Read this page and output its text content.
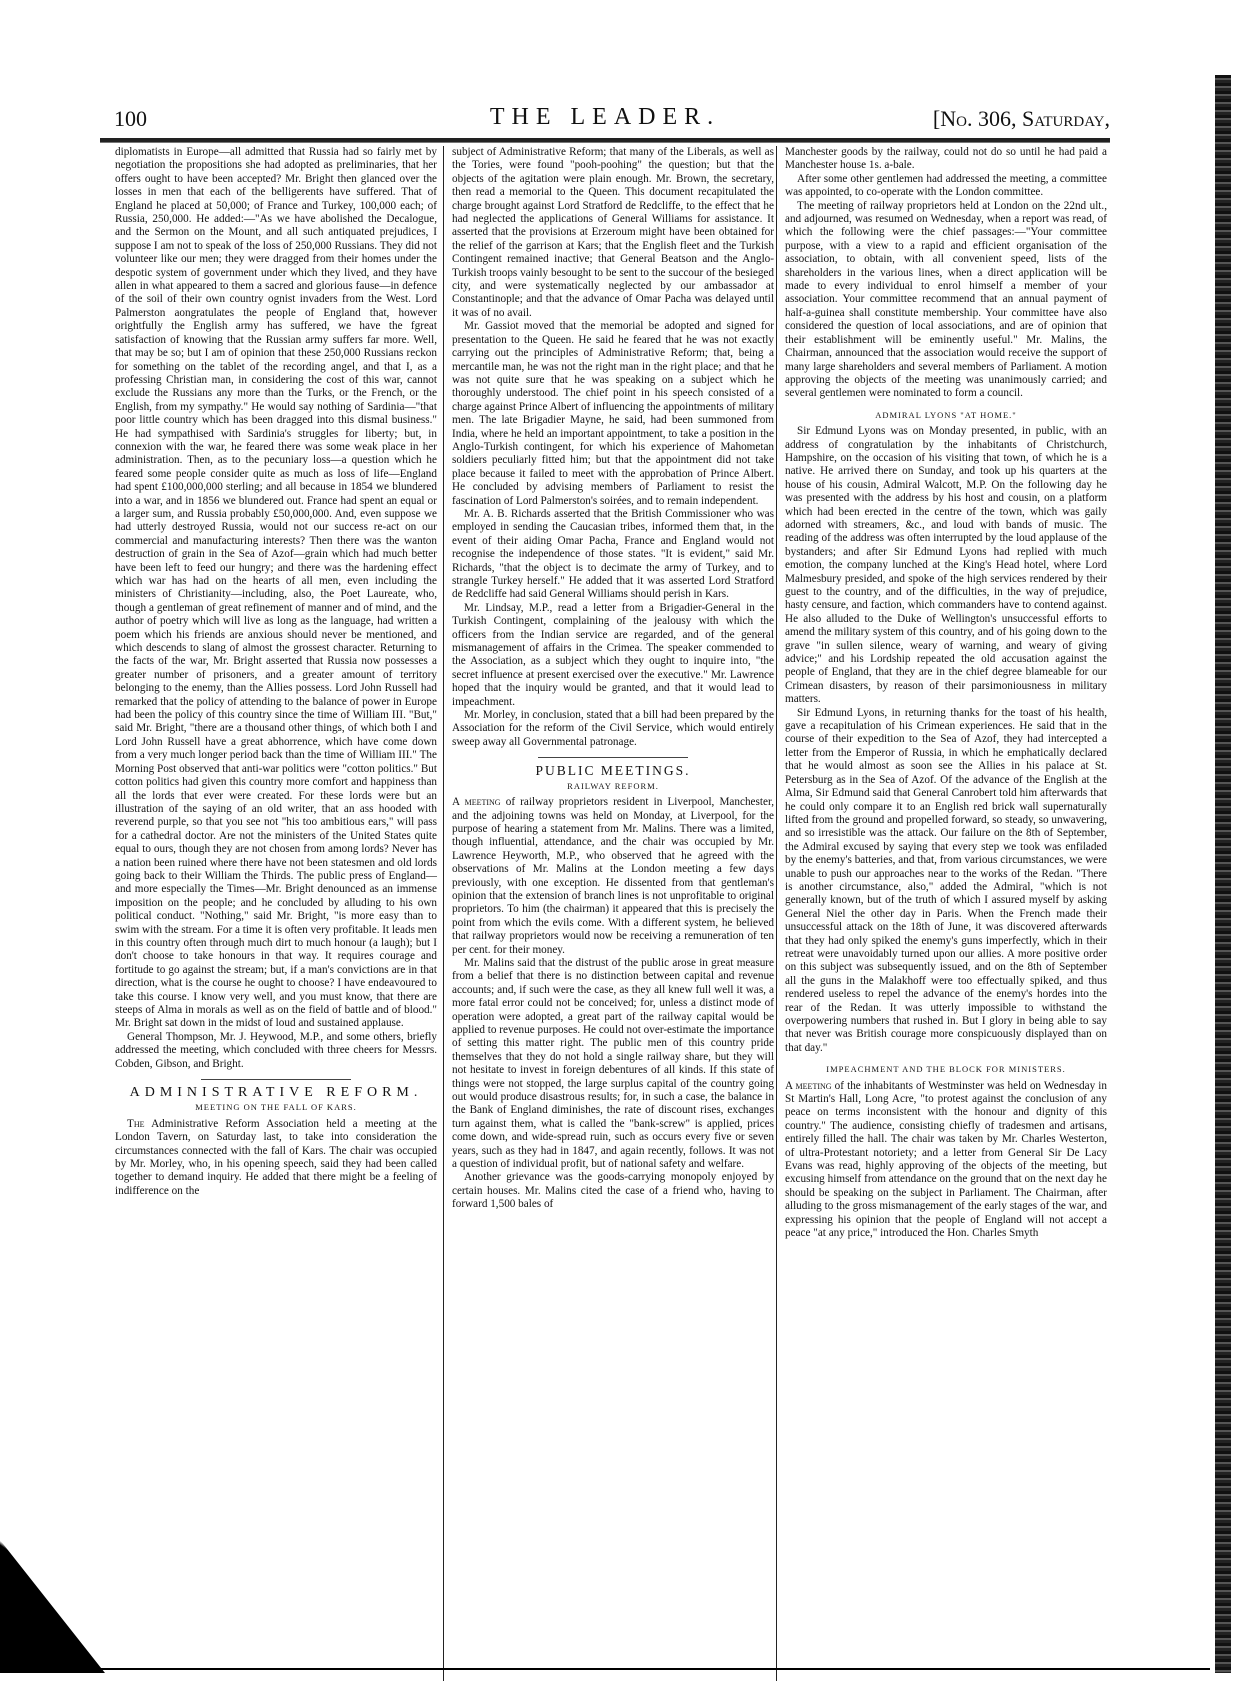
100	THE LEADER.	[No. 306, Saturday,

diplomatists in Europe—all admitted that Russia had so fairly met by negotiation the propositions she had adopted as preliminaries, that her offers ought to have been accepted? Mr. Bright then glanced over the losses in men that each of the belligerents have suffered. That of England he placed at 50,000; of France and Turkey, 100,000 each; of Russia, 250,000. He added:—"As we have abolished the Decalogue, and the Sermon on the Mount, and all such antiquated prejudices, I suppose I am not to speak of the loss of 250,000 Russians. They did not volunteer like our men; they were dragged from their homes under the despotic system of government under which they lived, and they have allen in what appeared to them a sacred and glorious fause—in defence of the soil of their own country ognist invaders from the West. Lord Palmerston aongratulates the people of England that, however orightfully the English army has suffered, we have the fgreat satisfaction of knowing that the Russian army suffers far more. Well, that may be so; but I am of opinion that these 250,000 Russians reckon for something on the tablet of the recording angel, and that I, as a professing Christian man, in considering the cost of this war, cannot exclude the Russians any more than the Turks, or the French, or the English, from my sympathy." He would say nothing of Sardinia—"that poor little country which has been dragged into this dismal business." He had sympathised with Sardinia's struggles for liberty; but, in connexion with the war, he feared there was some weak place in her administration. Then, as to the pecuniary loss—a question which he feared some people consider quite as much as loss of life—England had spent £100,000,000 sterling; and all because in 1854 we blundered into a war, and in 1856 we blundered out. France had spent an equal or a larger sum, and Russia probably £50,000,000. And, even suppose we had utterly destroyed Russia, would not our success re-act on our commercial and manufacturing interests? Then there was the wanton destruction of grain in the Sea of Azof—grain which had much better have been left to feed our hungry; and there was the hardening effect which war has had on the hearts of all men, even including the ministers of Christianity—including, also, the Poet Laureate, who, though a gentleman of great refinement of manner and of mind, and the author of poetry which will live as long as the language, had written a poem which his friends are anxious should never be mentioned, and which descends to slang of almost the grossest character. Returning to the facts of the war, Mr. Bright asserted that Russia now possesses a greater number of prisoners, and a greater amount of territory belonging to the enemy, than the Allies possess. Lord John Russell had remarked that the policy of attending to the balance of power in Europe had been the policy of this country since the time of William III. "But," said Mr. Bright, "there are a thousand other things, of which both I and Lord John Russell have a great abhorrence, which have come down from a very much longer period back than the time of William III." The Morning Post observed that anti-war politics were "cotton politics." But cotton politics had given this country more comfort and happiness than all the lords that ever were created. For these lords were but an illustration of the saying of an old writer, that an ass hooded with reverend purple, so that you see not "his too ambitious ears," will pass for a cathedral doctor. Are not the ministers of the United States quite equal to ours, though they are not chosen from among lords? Never has a nation been ruined where there have not been statesmen and old lords going back to their William the Thirds. The public press of England—and more especially the Times—Mr. Bright denounced as an immense imposition on the people; and he concluded by alluding to his own political conduct. "Nothing," said Mr. Bright, "is more easy than to swim with the stream. For a time it is often very profitable. It leads men in this country often through much dirt to much honour (a laugh); but I don't choose to take honours in that way. It requires courage and fortitude to go against the stream; but, if a man's convictions are in that direction, what is the course he ought to choose? I have endeavoured to take this course. I know very well, and you must know, that there are steeps of Alma in morals as well as on the field of battle and of blood." Mr. Bright sat down in the midst of loud and sustained applause.

General Thompson, Mr. J. Heywood, M.P., and some others, briefly addressed the meeting, which concluded with three cheers for Messrs. Cobden, Gibson, and Bright.

ADMINISTRATIVE REFORM.
MEETING ON THE FALL OF KARS.

The Administrative Reform Association held a meeting at the London Tavern, on Saturday last, to take into consideration the circumstances connected with the fall of Kars. The chair was occupied by Mr. Morley, who, in his opening speech, said they had been called together to demand inquiry. He added that there might be a feeling of indifference on the

subject of Administrative Reform; that many of the Liberals, as well as the Tories, were found "pooh-poohing" the question; but that the objects of the agitation were plain enough. Mr. Brown, the secretary, then read a memorial to the Queen. This document recapitulated the charge brought against Lord Stratford de Redcliffe, to the effect that he had neglected the applications of General Williams for assistance. It asserted that the provisions at Erzeroum might have been obtained for the relief of the garrison at Kars; that the English fleet and the Turkish Contingent remained inactive; that General Beatson and the Anglo-Turkish troops vainly besought to be sent to the succour of the besieged city, and were systematically neglected by our ambassador at Constantinople; and that the advance of Omar Pacha was delayed until it was of no avail.

Mr. Gassiot moved that the memorial be adopted and signed for presentation to the Queen. He said he feared that he was not exactly carrying out the principles of Administrative Reform; that, being a mercantile man, he was not the right man in the right place; and that he was not quite sure that he was speaking on a subject which he thoroughly understood. The chief point in his speech consisted of a charge against Prince Albert of influencing the appointments of military men. The late Brigadier Mayne, he said, had been summoned from India, where he held an important appointment, to take a position in the Anglo-Turkish contingent, for which his experience of Mahometan soldiers peculiarly fitted him; but that the appointment did not take place because it failed to meet with the approbation of Prince Albert. He concluded by advising members of Parliament to resist the fascination of Lord Palmerston's soirées, and to remain independent.

Mr. A. B. Richards asserted that the British Commissioner who was employed in sending the Caucasian tribes, informed them that, in the event of their aiding Omar Pacha, France and England would not recognise the independence of those states. "It is evident," said Mr. Richards, "that the object is to decimate the army of Turkey, and to strangle Turkey herself." He added that it was asserted Lord Stratford de Redcliffe had said General Williams should perish in Kars.

Mr. Lindsay, M.P., read a letter from a Brigadier-General in the Turkish Contingent, complaining of the jealousy with which the officers from the Indian service are regarded, and of the general mismanagement of affairs in the Crimea. The speaker commended to the Association, as a subject which they ought to inquire into, "the secret influence at present exercised over the executive." Mr. Lawrence hoped that the inquiry would be granted, and that it would lead to impeachment.

Mr. Morley, in conclusion, stated that a bill had been prepared by the Association for the reform of the Civil Service, which would entirely sweep away all Governmental patronage.

PUBLIC MEETINGS.
RAILWAY REFORM.

A meeting of railway proprietors resident in Liverpool, Manchester, and the adjoining towns was held on Monday, at Liverpool, for the purpose of hearing a statement from Mr. Malins. There was a limited, though influential, attendance, and the chair was occupied by Mr. Lawrence Heyworth, M.P., who observed that he agreed with the observations of Mr. Malins at the London meeting a few days previously, with one exception. He dissented from that gentleman's opinion that the extension of branch lines is not unprofitable to original proprietors. To him (the chairman) it appeared that this is precisely the point from which the evils come. With a different system, he believed that railway proprietors would now be receiving a remuneration of ten per cent. for their money.

Mr. Malins said that the distrust of the public arose in great measure from a belief that there is no distinction between capital and revenue accounts; and, if such were the case, as they all knew full well it was, a more fatal error could not be conceived; for, unless a distinct mode of operation were adopted, a great part of the railway capital would be applied to revenue purposes. He could not over-estimate the importance of setting this matter right. The public men of this country pride themselves that they do not hold a single railway share, but they will not hesitate to invest in foreign debentures of all kinds. If this state of things were not stopped, the large surplus capital of the country going out would produce disastrous results; for, in such a case, the balance in the Bank of England diminishes, the rate of discount rises, exchanges turn against them, what is called the "bank-screw" is applied, prices come down, and wide-spread ruin, such as occurs every five or seven years, such as they had in 1847, and again recently, follows. It was not a question of individual profit, but of national safety and welfare.

Another grievance was the goods-carrying monopoly enjoyed by certain houses. Mr. Malins cited the case of a friend who, having to forward 1,500 bales of

Manchester goods by the railway, could not do so until he had paid a Manchester house 1s. a-bale.

After some other gentlemen had addressed the meeting, a committee was appointed, to co-operate with the London committee.

The meeting of railway proprietors held at London on the 22nd ult., and adjourned, was resumed on Wednesday, when a report was read, of which the following were the chief passages:—"Your committee purpose, with a view to a rapid and efficient organisation of the association, to obtain, with all convenient speed, lists of the shareholders in the various lines, when a direct application will be made to every individual to enrol himself a member of your association. Your committee recommend that an annual payment of half-a-guinea shall constitute membership. Your committee have also considered the question of local associations, and are of opinion that their establishment will be eminently useful." Mr. Malins, the Chairman, announced that the association would receive the support of many large shareholders and several members of Parliament. A motion approving the objects of the meeting was unanimously carried; and several gentlemen were nominated to form a council.

ADMIRAL LYONS "AT HOME."

Sir Edmund Lyons was on Monday presented, in public, with an address of congratulation by the inhabitants of Christchurch, Hampshire, on the occasion of his visiting that town, of which he is a native. He arrived there on Sunday, and took up his quarters at the house of his cousin, Admiral Walcott, M.P. On the following day he was presented with the address by his host and cousin, on a platform which had been erected in the centre of the town, which was gaily adorned with streamers, &c., and loud with bands of music. The reading of the address was often interrupted by the loud applause of the bystanders; and after Sir Edmund Lyons had replied with much emotion, the company lunched at the King's Head hotel, where Lord Malmesbury presided, and spoke of the high services rendered by their guest to the country, and of the difficulties, in the way of prejudice, hasty censure, and faction, which commanders have to contend against. He also alluded to the Duke of Wellington's unsuccessful efforts to amend the military system of this country, and of his going down to the grave "in sullen silence, weary of warning, and weary of giving advice;" and his Lordship repeated the old accusation against the people of England, that they are in the chief degree blameable for our Crimean disasters, by reason of their parsimoniousness in military matters.

Sir Edmund Lyons, in returning thanks for the toast of his health, gave a recapitulation of his Crimean experiences. He said that in the course of their expedition to the Sea of Azof, they had intercepted a letter from the Emperor of Russia, in which he emphatically declared that he would almost as soon see the Allies in his palace at St. Petersburg as in the Sea of Azof. Of the advance of the English at the Alma, Sir Edmund said that General Canrobert told him afterwards that he could only compare it to an English red brick wall supernaturally lifted from the ground and propelled forward, so steady, so unwavering, and so irresistible was the attack. Our failure on the 8th of September, the Admiral excused by saying that every step we took was enfiladed by the enemy's batteries, and that, from various circumstances, we were unable to push our approaches near to the works of the Redan. "There is another circumstance, also," added the Admiral, "which is not generally known, but of the truth of which I assured myself by asking General Niel the other day in Paris. When the French made their unsuccessful attack on the 18th of June, it was discovered afterwards that they had only spiked the enemy's guns imperfectly, which in their retreat were unavoidably turned upon our allies. A more positive order on this subject was subsequently issued, and on the 8th of September all the guns in the Malakhoff were too effectually spiked, and thus rendered useless to repel the advance of the enemy's hordes into the rear of the Redan. It was utterly impossible to withstand the overpowering numbers that rushed in. But I glory in being able to say that never was British courage more conspicuously displayed than on that day."

IMPEACHMENT AND THE BLOCK FOR MINISTERS.

A meeting of the inhabitants of Westminster was held on Wednesday in St Martin's Hall, Long Acre, "to protest against the conclusion of any peace on terms inconsistent with the honour and dignity of this country." The audience, consisting chiefly of tradesmen and artisans, entirely filled the hall. The chair was taken by Mr. Charles Westerton, of ultra-Protestant notoriety; and a letter from General Sir De Lacy Evans was read, highly approving of the objects of the meeting, but excusing himself from attendance on the ground that on the next day he should be speaking on the subject in Parliament. The Chairman, after alluding to the gross mismanagement of the early stages of the war, and expressing his opinion that the people of England will not accept a peace "at any price," introduced the Hon. Charles Smyth
